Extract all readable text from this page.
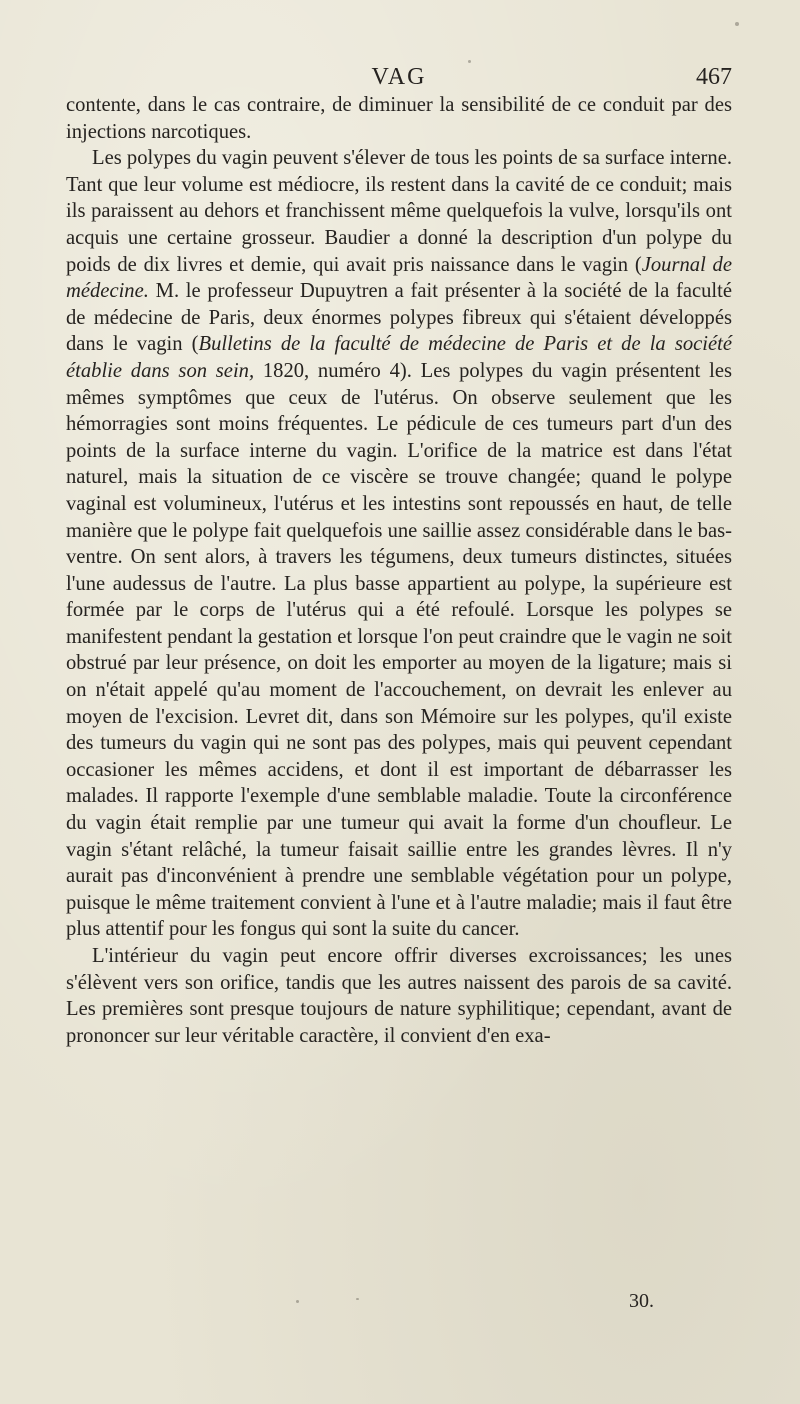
VAG	467

contente, dans le cas contraire, de diminuer la sensibilité de ce conduit par des injections narcotiques.

Les polypes du vagin peuvent s'élever de tous les points de sa surface interne. Tant que leur volume est médiocre, ils restent dans la cavité de ce conduit; mais ils paraissent au dehors et franchissent même quelquefois la vulve, lorsqu'ils ont acquis une certaine grosseur. Baudier a donné la description d'un polype du poids de dix livres et demie, qui avait pris naissance dans le vagin (Journal de médecine. M. le professeur Dupuytren a fait présenter à la société de la faculté de médecine de Paris, deux énormes polypes fibreux qui s'étaient développés dans le vagin (Bulletins de la faculté de médecine de Paris et de la société établie dans son sein, 1820, numéro 4). Les polypes du vagin présentent les mêmes symptômes que ceux de l'utérus. On observe seulement que les hémorragies sont moins fréquentes. Le pédicule de ces tumeurs part d'un des points de la surface interne du vagin. L'orifice de la matrice est dans l'état naturel, mais la situation de ce viscère se trouve changée; quand le polype vaginal est volumineux, l'utérus et les intestins sont repoussés en haut, de telle manière que le polype fait quelquefois une saillie assez considérable dans le bas-ventre. On sent alors, à travers les tégumens, deux tumeurs distinctes, situées l'une audessus de l'autre. La plus basse appartient au polype, la supérieure est formée par le corps de l'utérus qui a été refoulé. Lorsque les polypes se manifestent pendant la gestation et lorsque l'on peut craindre que le vagin ne soit obstrué par leur présence, on doit les emporter au moyen de la ligature; mais si on n'était appelé qu'au moment de l'accouchement, on devrait les enlever au moyen de l'excision. Levret dit, dans son Mémoire sur les polypes, qu'il existe des tumeurs du vagin qui ne sont pas des polypes, mais qui peuvent cependant occasioner les mêmes accidens, et dont il est important de débarrasser les malades. Il rapporte l'exemple d'une semblable maladie. Toute la circonférence du vagin était remplie par une tumeur qui avait la forme d'un choufleur. Le vagin s'étant relâché, la tumeur faisait saillie entre les grandes lèvres. Il n'y aurait pas d'inconvénient à prendre une semblable végétation pour un polype, puisque le même traitement convient à l'une et à l'autre maladie; mais il faut être plus attentif pour les fongus qui sont la suite du cancer.

L'intérieur du vagin peut encore offrir diverses excroissances; les unes s'élèvent vers son orifice, tandis que les autres naissent des parois de sa cavité. Les premières sont presque toujours de nature syphilitique; cependant, avant de prononcer sur leur véritable caractère, il convient d'en exa-

30.
